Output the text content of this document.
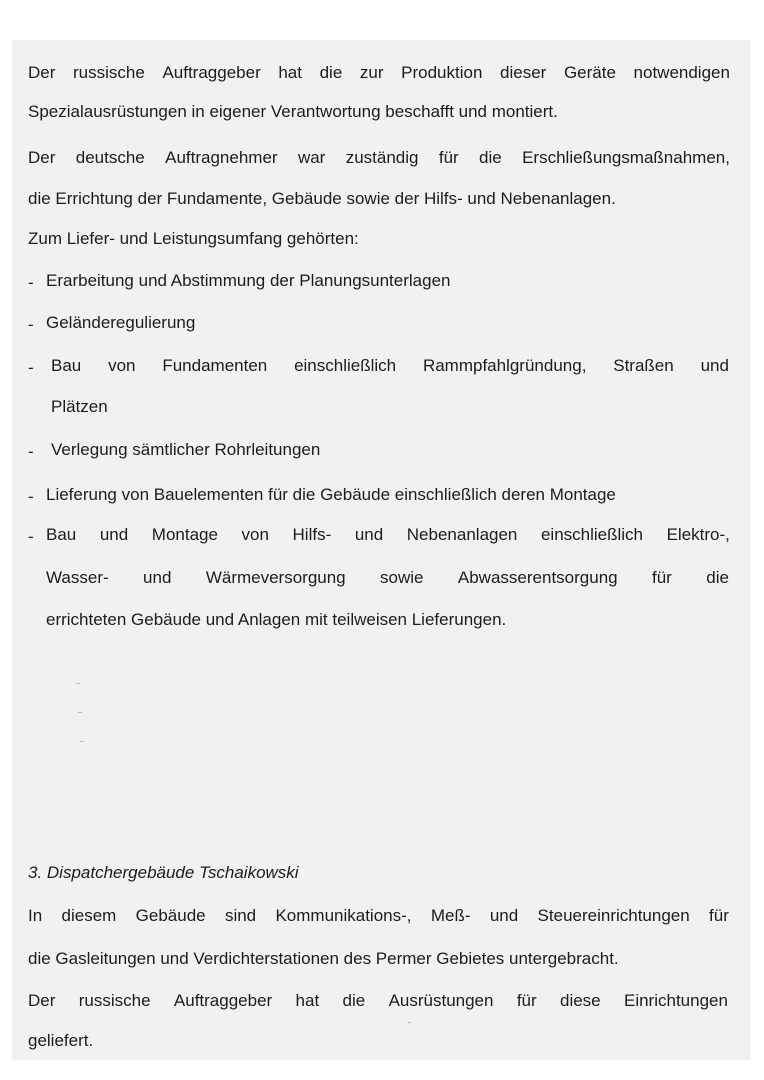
Der russische Auftraggeber hat die zur Produktion dieser Geräte notwendigen
Spezialausrüstungen in eigener Verantwortung beschafft und montiert.
Der deutsche Auftragnehmer war zuständig für die Erschließungsmaßnahmen,
die Errichtung der Fundamente, Gebäude sowie der Hilfs- und Nebenanlagen.
Zum Liefer- und Leistungsumfang gehörten:
- Erarbeitung und Abstimmung der Planungsunterlagen
- Geländeregulierung
- Bau von Fundamenten einschließlich Rammpfahlgründung, Straßen und
Plätzen
- Verlegung sämtlicher Rohrleitungen
- Lieferung von Bauelementen für die Gebäude einschließlich deren Montage
- Bau und Montage von Hilfs- und Nebenanlagen einschließlich Elektro-,
Wasser- und Wärmeversorgung sowie Abwasserentsorgung für die
errichteten Gebäude und Anlagen mit teilweisen Lieferungen.
3. Dispatchergebäude Tschaikowski
In diesem Gebäude sind Kommunikations-, Meß- und Steuereinrichtungen für
die Gasleitungen und Verdichterstationen des Permer Gebietes untergebracht.
Der russische Auftraggeber hat die Ausrüstungen für diese Einrichtungen
geliefert.
